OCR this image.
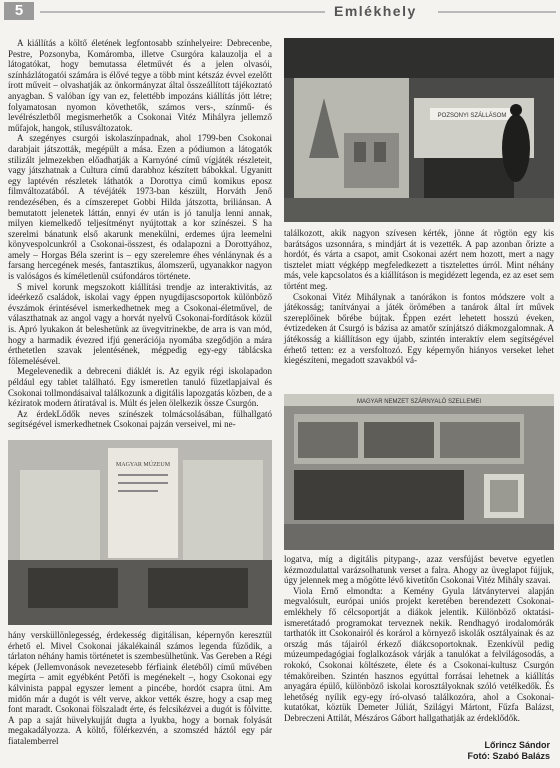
5	Emlékhely

A kiállítás a költő életének legfontosabb színhelyeire: Debrecenbe, Pestre, Pozsonyba, Komáromba, illetve Csurgóra kalauzolja el a látogatókat, hogy bemutassa életművét és a jelen olvasói, színházlátogatói számára is élővé tegye a több mint kétszáz évvel ezelőtt írott műveit – olvashatják az önkormányzat által összeállított tájékoztató anyagban. S valóban így van ez, felettébb impozáns kiállítás jött létre; folyamatosan nyomon követhetők, számos vers-, színmű- és levélrészletből megismerhetők a Csokonai Vitéz Mihályra jellemző műfajok, hangok, stílusváltozatok.

A szegényes csurgói iskolaszínpadnak, ahol 1799-ben Csokonai darabjait játszották, megépült a mása. Ezen a pódiumon a látogatók stilizált jelmezekben előadhatják a Karnyóné című vígjáték részleteit, vagy játszhatnak a Cultura című darabhoz készített bábokkal. Ugyanitt egy laptévén részletek láthatók a Dorottya című komikus eposz filmváltozatából. A tévéjáték 1973-ban készült, Horváth Jenő rendezésében, és a címszerepet Gobbi Hilda játszotta, briliánsan. A bemutatott jelenetek láttán, ennyi év után is jó tanulja lenni annak, milyen kiemelkedő teljesítményt nyújtottak a kor színészei. S ha szerelmi bánatunk első akarunk menekülni, erdemes újra leemelni könyvespolcunkról a Csokonai-összest, és odalapozni a Dorottyához, amely – Horgas Béla szerint is – egy szerelemre éhes vénlánynak és a farsang hercegének mesés, fantasztikus, álomszerű, ugyanakkor nagyon is valóságos és kíméletlenül csúfondáros története.

S mivel korunk megszokott kiállítási trendje az interaktivitás, az ideérkező családok, iskolai vagy éppen nyugdíjascsoportok különböző évszámok érintésével ismerkedhetnek meg a Csokonai-életművel, de választhatnak az angol vagy a horvát nyelvű Csokonai-fordítások közül is. Apró lyukakon át beleshetünk az üvegvitrinekbe, de arra is van mód, hogy a harmadik évezred ifjú generációja nyomába szegődjön a mára érthetetlen szavak jelentésének, mégpedig egy-egy táblácska fölemelésével.

Megelevenedik a debreceni diáklét is. Az egyik régi iskolapadon például egy tablet található. Egy ismeretlen tanuló füzetlapjaival és Csokonai tollmondásaival találkozunk a digitális lapozgatás közben, de a kéziratok modern átiratával is. Múlt és jelen ölelkezik össze Csurgón.

Az érdekLődők neves színészek tolmácsolásában, fülhallgató segítségével ismerkedhetnek Csokonai pajzán verseivel, mi ne-

POZSONYI SZÁLLÁSOM

találkozott, akik nagyon szívesen kérték, jönne át rögtön egy kis barátságos uzsonnára, s mindjárt át is vezették. A pap azonban őrizte a hordót, és várta a csapot, amit Csokonai azért nem hozott, mert a nagy tisztelet miatt végképp megfeledkezett a tisztelettes úrról. Mint néhány más, vele kapcsolatos és a kiállításon is megidézett legenda, ez az eset sem történt meg.

Csokonai Vitéz Mihálynak a tanórákon is fontos módszere volt a játékosság; tanítványai a játék örömében a tanárok által írt művek szereplőinek bőrébe bújtak. Éppen ezért lehetett hosszú éveken, évtizedeken át Csurgó is bázisa az amatőr színjátszó diákmozgalomnak. A játékosság a kiállításon egy újabb, szintén interaktív elem segítségével érhető tetten: ez a versfoltozó. Egy képernyőn hiányos verseket lehet kiegészíteni, megadott szavakból vá-

MAGYAR NEMZET SZÁRNYALÓ SZELLEMEI
MAGYAR MÚZEUM

hány versküllönlegesség, érdekesség digitálisan, képernyőn keresztül érhető el. Mivel Csokonai jákalékainál számos legenda fűződik, a tárlaton néhány hamis történetet is szembesülhetünk. Vas Gereben a Régi képek (Jellemvonások nevezetesebb férfiaink életéből) című művében megírta – amit egyébként Petőfi is megénekelt –, hogy Csokonai egy kálvinista pappal egyszer lement a pincébe, hordót csapra ütni. Am midőn már a dugót is vélt verve, akkor vették észre, hogy a csap meg font maradt. Csokonai fölszaladt érte, és felcsikézvei a dugót is fölvitte. A pap a saját hüvelykujját dugta a lyukba, hogy a bornak folyását megakadályozza. A költő, fölérkezvén, a szomszéd háztól egy pár fiatalemberrel

logatva, míg a digitális pitypang-, azaz versfújást bevetve egyetlen kézmozdulattal varázsolhatunk verset a falra. Ahogy az üveglapot fújjuk, úgy jelennek meg a mögötte lévő kivetítőn Csokonai Vitéz Mihály szavai.

Viola Ernő elmondta: a Kemény Gyula látványtervei alapján megvalósult, európai uniós projekt keretében berendezett Csokonai-emlékhely fő célcsoportját a diákok jelentik. Különböző oktatási-ismeretátadó programokat terveznek nekik. Rendhagyó irodalomórák tarthatók itt Csokonairól és korárol a környező iskolák osztályainak és az ország más tájairól érkező diákcsoportoknak. Ezenkívül pedig múzeumpedagógiai foglalkozások várják a tanulókat a felvilágosodás, a rokokó, Csokonai költészete, élete és a Csokonai-kultusz Csurgón témaköreiben. Szintén hasznos egyúttal forrásai lehetnek a kiállítás anyagára épülő, különböző iskolai korosztályoknak szóló vetélkedők. És lehetőség nyílik egy-egy író-olvasó találkozóra, ahol a Csokonai-kutatókat, köztük Demeter Júliát, Szilágyi Mártont, Fűzfa Balázst, Debreczeni Attilát, Mészáros Gábort hallgathatják az érdeklődők.

Lőrincz Sándor
Fotó: Szabó Balázs
